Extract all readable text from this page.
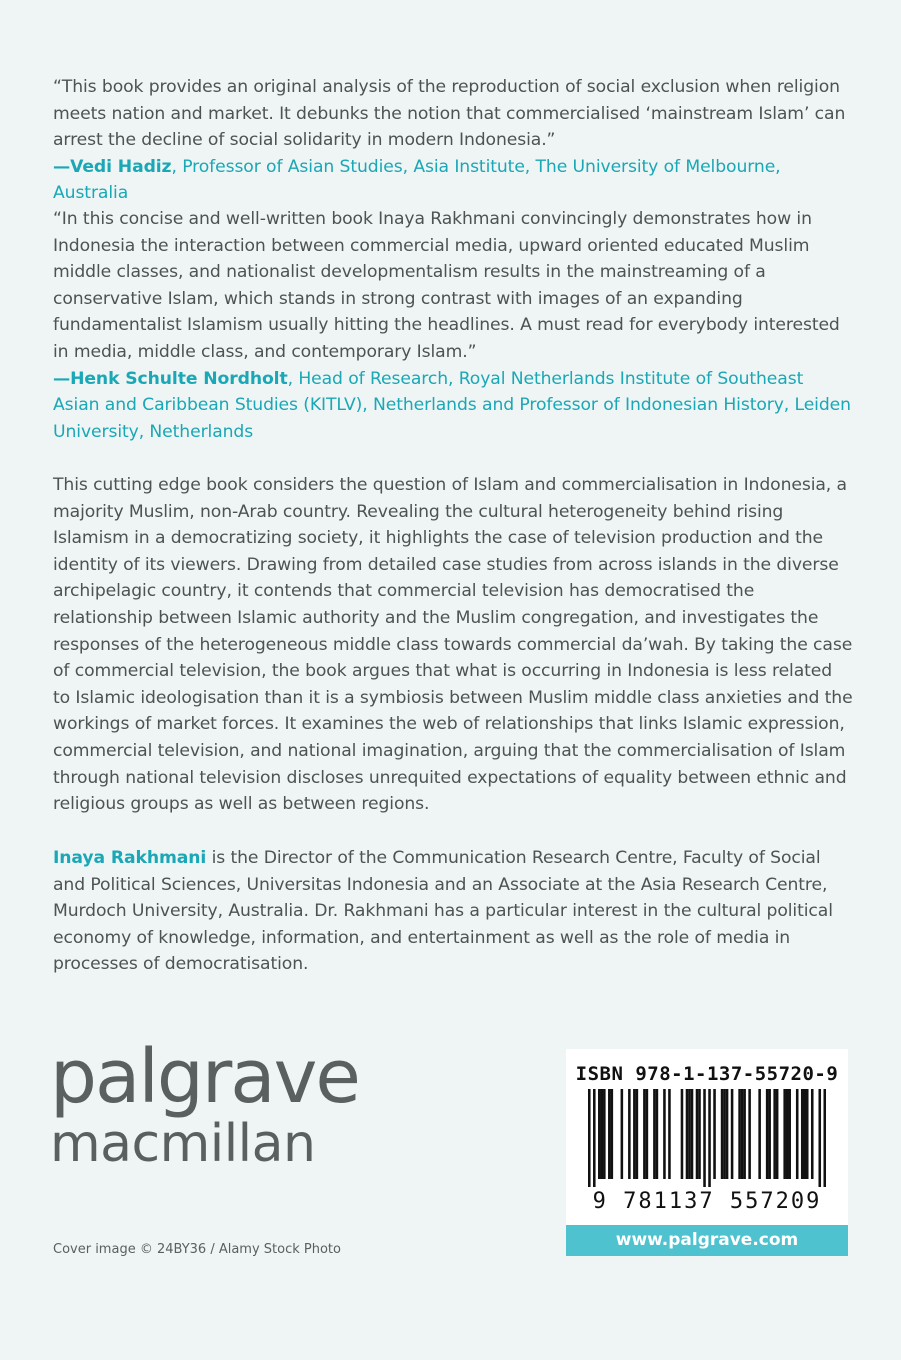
“This book provides an original analysis of the reproduction of social exclusion when religion meets nation and market. It debunks the notion that commercialised ‘mainstream Islam’ can arrest the decline of social solidarity in modern Indonesia.”
—Vedi Hadiz, Professor of Asian Studies, Asia Institute, The University of Melbourne, Australia

“In this concise and well-written book Inaya Rakhmani convincingly demonstrates how in Indonesia the interaction between commercial media, upward oriented educated Muslim middle classes, and nationalist developmentalism results in the mainstreaming of a conservative Islam, which stands in strong contrast with images of an expanding fundamentalist Islamism usually hitting the headlines. A must read for everybody interested in media, middle class, and contemporary Islam.”
—Henk Schulte Nordholt, Head of Research, Royal Netherlands Institute of Southeast Asian and Caribbean Studies (KITLV), Netherlands and Professor of Indonesian History, Leiden University, Netherlands

This cutting edge book considers the question of Islam and commercialisation in Indonesia, a majority Muslim, non-Arab country. Revealing the cultural heterogeneity behind rising Islamism in a democratizing society, it highlights the case of television production and the identity of its viewers. Drawing from detailed case studies from across islands in the diverse archipelagic country, it contends that commercial television has democratised the relationship between Islamic authority and the Muslim congregation, and investigates the responses of the heterogeneous middle class towards commercial da’wah. By taking the case of commercial television, the book argues that what is occurring in Indonesia is less related to Islamic ideologisation than it is a symbiosis between Muslim middle class anxieties and the workings of market forces. It examines the web of relationships that links Islamic expression, commercial television, and national imagination, arguing that the commercialisation of Islam through national television discloses unrequited expectations of equality between ethnic and religious groups as well as between regions.

Inaya Rakhmani is the Director of the Communication Research Centre, Faculty of Social and Political Sciences, Universitas Indonesia and an Associate at the Asia Research Centre, Murdoch University, Australia. Dr. Rakhmani has a particular interest in the cultural political economy of knowledge, information, and entertainment as well as the role of media in processes of democratisation.

palgrave
macmillan
Cover image © 24BY36 / Alamy Stock Photo
ISBN 978-1-137-55720-9
9 781137 557209
www.palgrave.com
